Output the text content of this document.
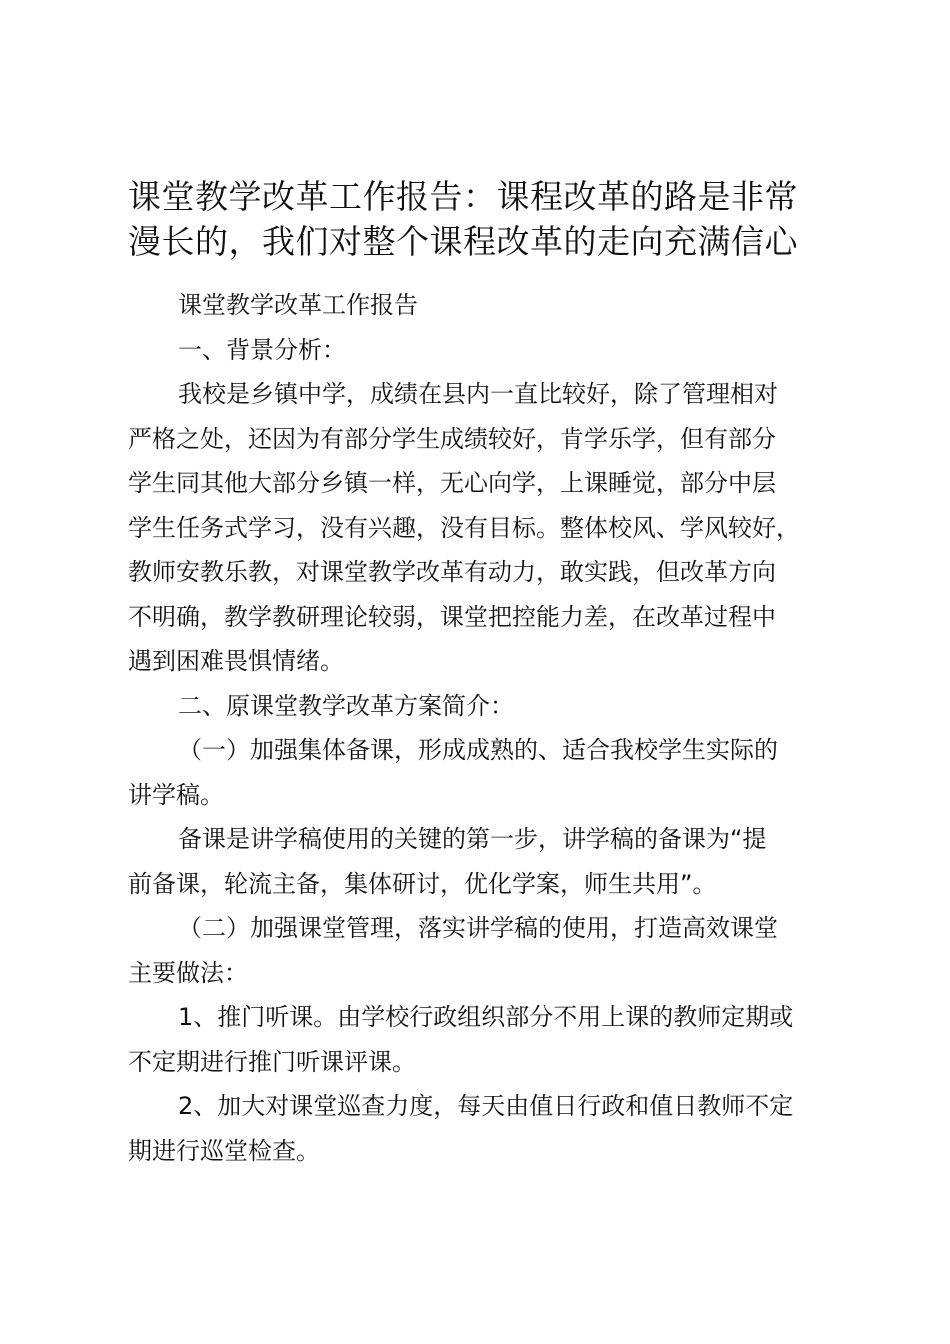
课堂教学改革工作报告：课程改革的路是非常
漫长的，我们对整个课程改革的走向充满信心
课堂教学改革工作报告
一、背景分析：
我校是乡镇中学，成绩在县内一直比较好，除了管理相对
严格之处，还因为有部分学生成绩较好，肯学乐学，但有部分
学生同其他大部分乡镇一样，无心向学，上课睡觉，部分中层
学生任务式学习，没有兴趣，没有目标。整体校风、学风较好，
教师安教乐教，对课堂教学改革有动力，敢实践，但改革方向
不明确，教学教研理论较弱，课堂把控能力差，在改革过程中
遇到困难畏惧情绪。
二、原课堂教学改革方案简介：
（一）加强集体备课，形成成熟的、适合我校学生实际的
讲学稿。
备课是讲学稿使用的关键的第一步，讲学稿的备课为“提
前备课，轮流主备，集体研讨，优化学案，师生共用”。
（二）加强课堂管理，落实讲学稿的使用，打造高效课堂
主要做法：
1、推门听课。由学校行政组织部分不用上课的教师定期或
不定期进行推门听课评课。
2、加大对课堂巡查力度，每天由值日行政和值日教师不定
期进行巡堂检查。
